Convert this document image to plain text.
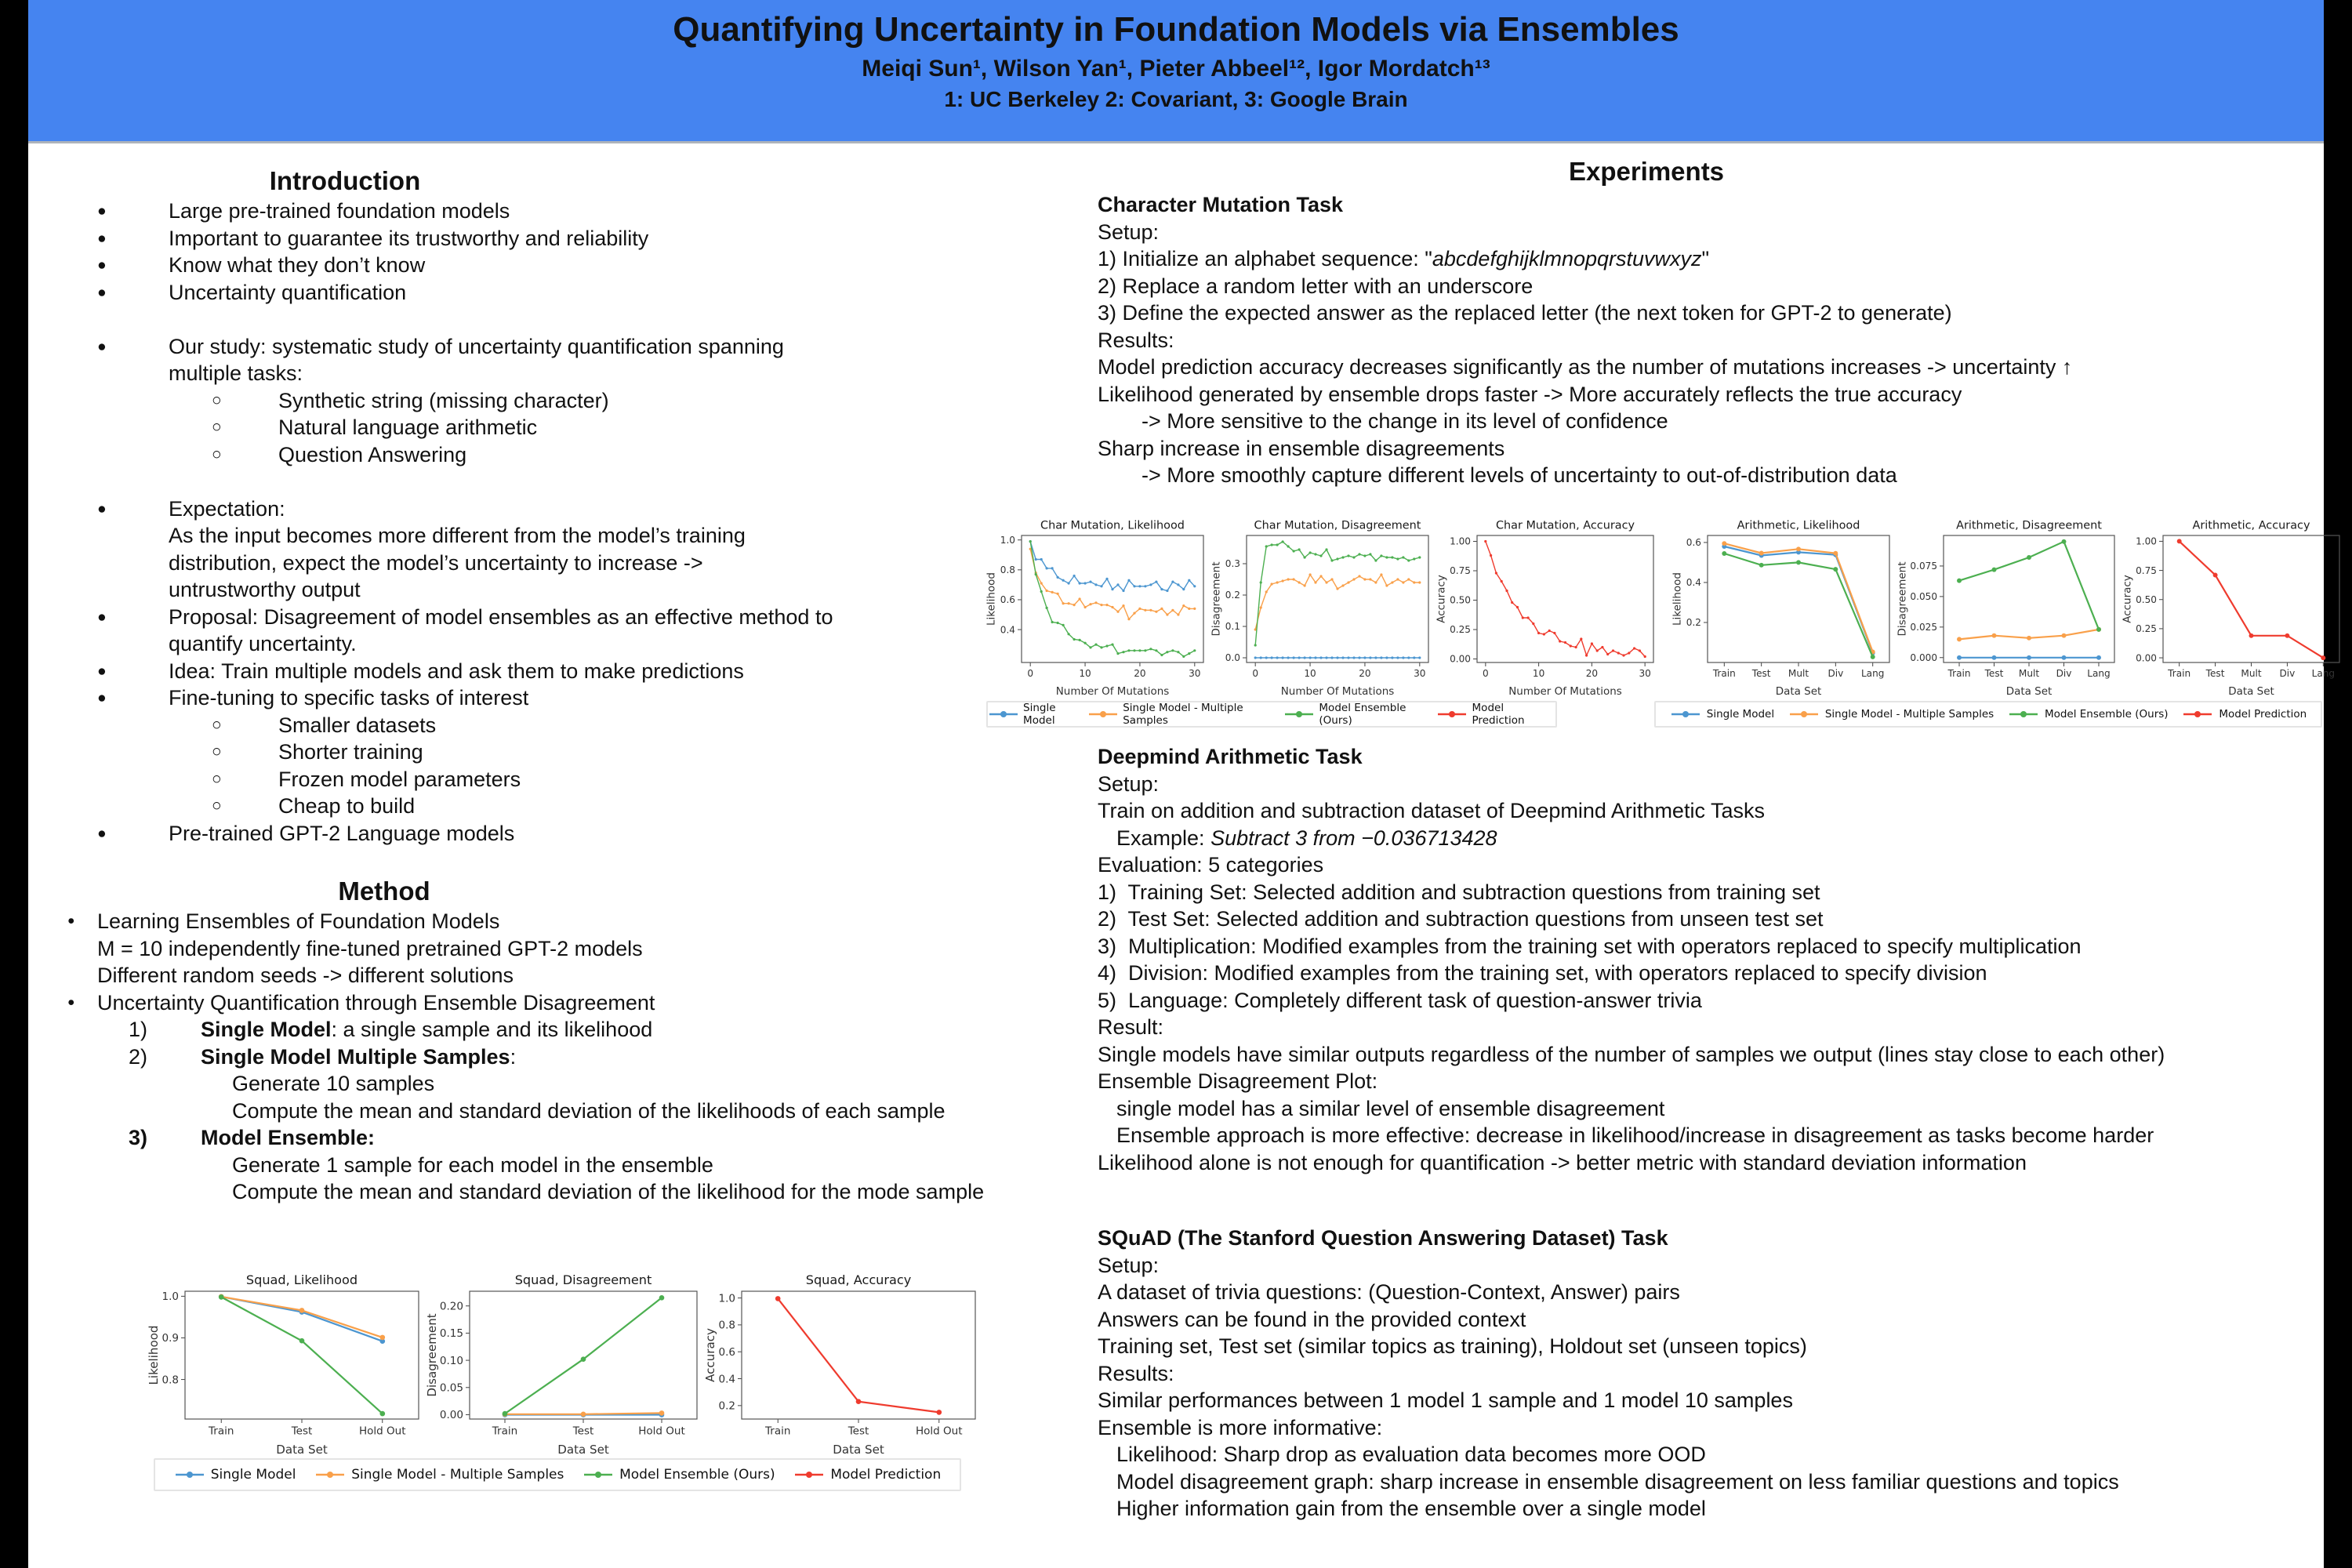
Quantifying Uncertainty in Foundation Models via Ensembles
Meiqi Sun¹, Wilson Yan¹, Pieter Abbeel¹², Igor Mordatch¹³
1: UC Berkeley 2: Covariant, 3: Google Brain
Introduction
●	Large pre-trained foundation models
●	Important to guarantee its trustworthy and reliability
●	Know what they don’t know
●	Uncertainty quantification
●	Our study: systematic study of uncertainty quantification spanning
multiple tasks:
○	Synthetic string (missing character)
○	Natural language arithmetic
○	Question Answering
●	Expectation:
As the input becomes more different from the model’s training
distribution, expect the model’s uncertainty to increase ->
untrustworthy output
●	Proposal: Disagreement of model ensembles as an effective method to
quantify uncertainty.
●	Idea: Train multiple models and ask them to make predictions
●	Fine-tuning to specific tasks of interest
○	Smaller datasets
○	Shorter training
○	Frozen model parameters
○	Cheap to build
●	Pre-trained GPT-2 Language models
Method
● Learning Ensembles of Foundation Models
M = 10 independently fine-tuned pretrained GPT-2 models
Different random seeds -> different solutions
● Uncertainty Quantification through Ensemble Disagreement
1)	Single Model: a single sample and its likelihood
2)	Single Model Multiple Samples:
Generate 10 samples
Compute the mean and standard deviation of the likelihoods of each sample
3)	Model Ensemble:
Generate 1 sample for each model in the ensemble
Compute the mean and standard deviation of the likelihood for the mode sample
Squad, Likelihood
0.8
0.9
1.0
Train	Test	Hold Out
Likelihood
Data Set
Squad, Disagreement
0.00
0.05
0.10
0.15
0.20
Train	Test	Hold Out
Disagreement
Data Set
Squad, Accuracy
0.2
0.4
0.6
0.8
1.0
Train	Test	Hold Out
Accuracy
Data Set
Single Model	Single Model - Multiple Samples	Model Ensemble (Ours)	Model Prediction
Experiments
Character Mutation Task
Setup:
1) Initialize an alphabet sequence: "abcdefghijklmnopqrstuvwxyz"
2) Replace a random letter with an underscore
3) Define the expected answer as the replaced letter (the next token for GPT-2 to generate)
Results:
Model prediction accuracy decreases significantly as the number of mutations increases -> uncertainty ↑
Likelihood generated by ensemble drops faster -> More accurately reflects the true accuracy
-> More sensitive to the change in its level of confidence
Sharp increase in ensemble disagreements
-> More smoothly capture different levels of uncertainty to out-of-distribution data
Char Mutation, Likelihood
0.4
0.6
0.8
1.0
0	10	20	30
Likelihood
Number Of Mutations
Char Mutation, Disagreement
0.0
0.1
0.2
0.3
0	10	20	30
Disagreement
Number Of Mutations
Char Mutation, Accuracy
0.00
0.25
0.50
0.75
1.00
0	10	20	30
Accuracy
Number Of Mutations
Arithmetic, Likelihood
0.2
0.4
0.6
Train Test Mult Div Lang
Likelihood
Data Set
Arithmetic, Disagreement
0.000
0.025
0.050
0.075
Train Test Mult Div Lang
Disagreement
Data Set
Arithmetic, Accuracy
0.00
0.25
0.50
0.75
1.00
Train Test Mult Div Lang
Accuracy
Data Set
Single Model
Single Model - Multiple Samples
Model Ensemble (Ours)
Model Prediction	Single Model	Single Model - Multiple Samples	Model Ensemble (Ours)	Model Prediction
Deepmind Arithmetic Task
Setup:
Train on addition and subtraction dataset of Deepmind Arithmetic Tasks
Example: Subtract 3 from −0.036713428
Evaluation: 5 categories
1)  Training Set: Selected addition and subtraction questions from training set
2)  Test Set: Selected addition and subtraction questions from unseen test set
3)  Multiplication: Modified examples from the training set with operators replaced to specify multiplication
4)  Division: Modified examples from the training set, with operators replaced to specify division
5)  Language: Completely different task of question-answer trivia
Result:
Single models have similar outputs regardless of the number of samples we output (lines stay close to each other)
Ensemble Disagreement Plot:
single model has a similar level of ensemble disagreement
Ensemble approach is more effective: decrease in likelihood/increase in disagreement as tasks become harder
Likelihood alone is not enough for quantification -> better metric with standard deviation information
SQuAD (The Stanford Question Answering Dataset) Task
Setup:
A dataset of trivia questions: (Question-Context, Answer) pairs
Answers can be found in the provided context
Training set, Test set (similar topics as training), Holdout set (unseen topics)
Results:
Similar performances between 1 model 1 sample and 1 model 10 samples
Ensemble is more informative:
Likelihood: Sharp drop as evaluation data becomes more OOD
Model disagreement graph: sharp increase in ensemble disagreement on less familiar questions and topics
Higher information gain from the ensemble over a single model
